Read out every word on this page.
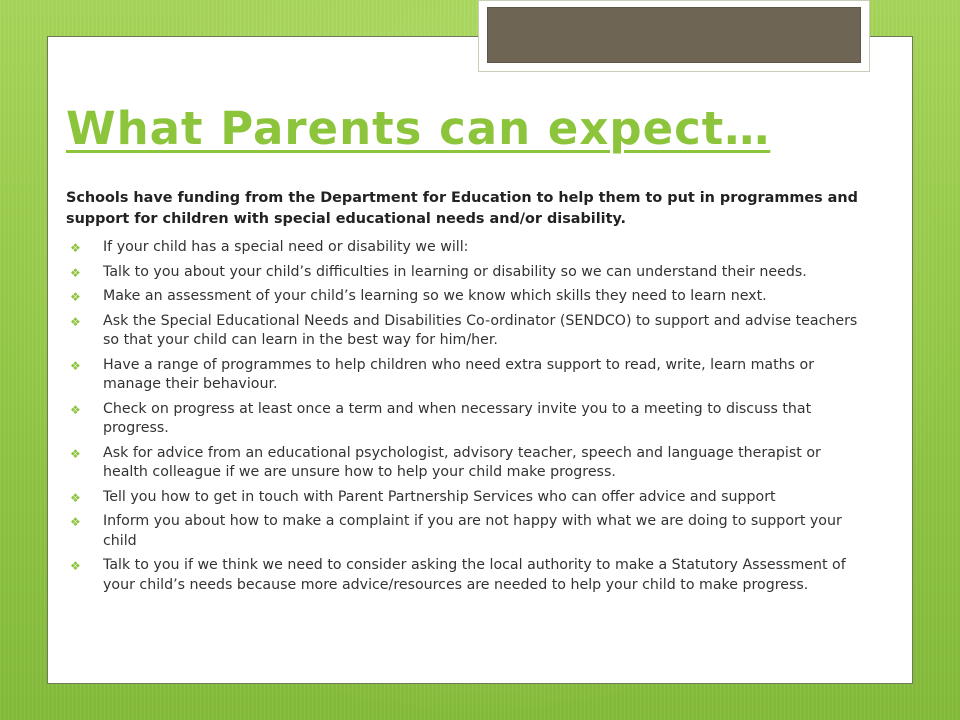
What Parents can expect…

Schools have funding from the Department for Education to help them to put in programmes and support for children with special educational needs and/or disability.

❖ If your child has a special need or disability we will:
❖ Talk to you about your child’s difficulties in learning or disability so we can understand their needs.
❖ Make an assessment of your child’s learning so we know which skills they need to learn next.
❖ Ask the Special Educational Needs and Disabilities Co-ordinator (SENDCO) to support and advise teachers so that your child can learn in the best way for him/her.
❖ Have a range of programmes to help children who need extra support to read, write, learn maths or manage their behaviour.
❖ Check on progress at least once a term and when necessary invite you to a meeting to discuss that progress.
❖ Ask for advice from an educational psychologist, advisory teacher, speech and language therapist or health colleague if we are unsure how to help your child make progress.
❖ Tell you how to get in touch with Parent Partnership Services who can offer advice and support
❖ Inform you about how to make a complaint if you are not happy with what we are doing to support your child
❖ Talk to you if we think we need to consider asking the local authority to make a Statutory Assessment of your child’s needs because more advice/resources are needed to help your child to make progress.
